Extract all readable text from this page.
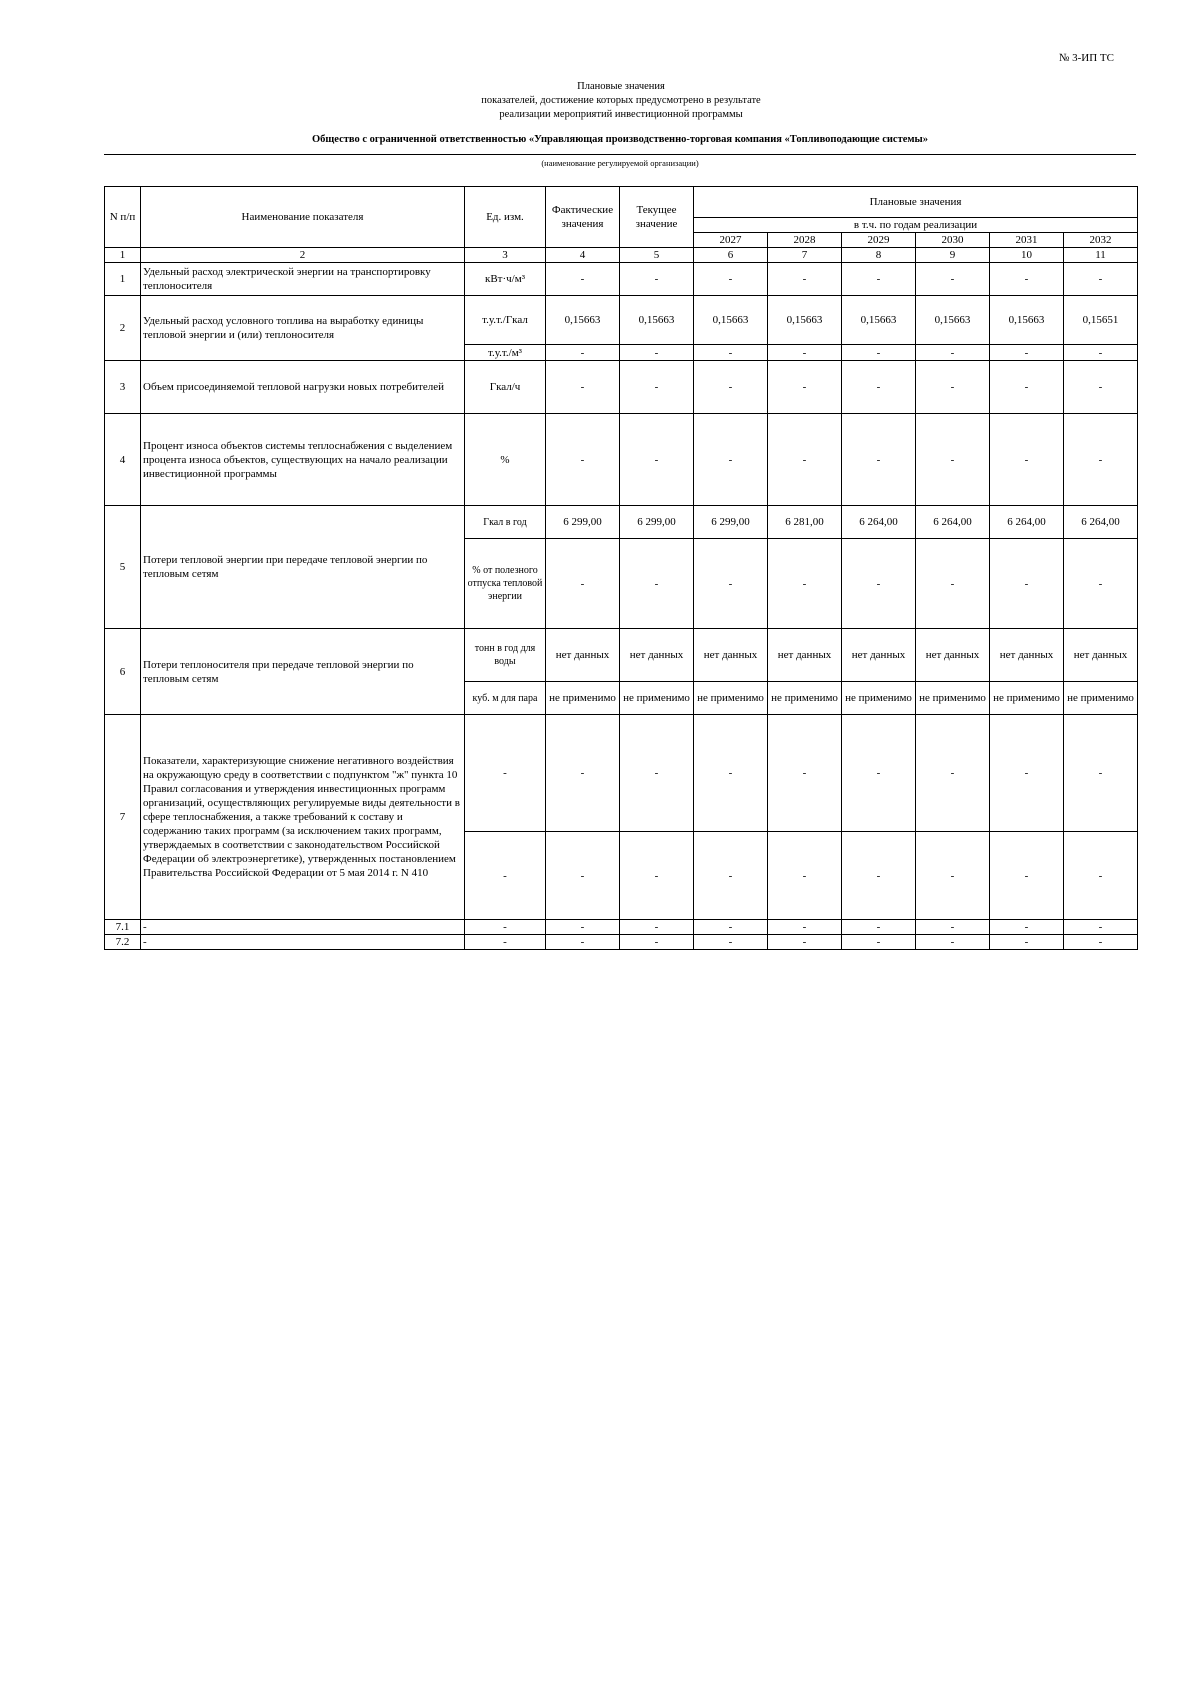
№ 3-ИП ТС
Плановые значения
показателей, достижение которых предусмотрено в результате
реализации мероприятий инвестиционной программы
Общество с ограниченной ответственностью «Управляющая производственно-торговая компания «Топливоподающие системы»
(наименование регулируемой организации)
N п/п	Наименование показателя	Ед. изм.	Фактические значения	Текущее значение	Плановые значения					
					в т.ч. по годам реализации					
					2027	2028	2029	2030	2031	2032
1	2	3	4	5	6	7	8	9	10	11
1	Удельный расход электрической энергии на транспортировку теплоносителя	кВт·ч/м³	-	-	-	-	-	-	-	-
2	Удельный расход условного топлива на выработку единицы тепловой энергии и (или) теплоносителя	т.у.т./Гкал	0,15663	0,15663	0,15663	0,15663	0,15663	0,15663	0,15663	0,15651
		т.у.т./м³	-	-	-	-	-	-	-	-
3	Объем присоединяемой тепловой нагрузки новых потребителей	Гкал/ч	-	-	-	-	-	-	-	-
4	Процент износа объектов системы теплоснабжения с выделением процента износа объектов, существующих на начало реализации инвестиционной программы	%	-	-	-	-	-	-	-	-
5	Потери тепловой энергии при передаче тепловой энергии по тепловым сетям	Гкал в год	6 299,00	6 299,00	6 299,00	6 281,00	6 264,00	6 264,00	6 264,00	6 264,00
		% от полезного отпуска тепловой энергии	-	-	-	-	-	-	-	-
6	Потери теплоносителя при передаче тепловой энергии по тепловым сетям	тонн в год для воды	нет данных	нет данных	нет данных	нет данных	нет данных	нет данных	нет данных	нет данных
		куб. м для пара	не применимо	не применимо	не применимо	не применимо	не применимо	не применимо	не применимо	не применимо
7	Показатели, характеризующие снижение негативного воздействия на окружающую среду в соответствии с подпунктом "ж" пункта 10 Правил согласования и утверждения инвестиционных программ организаций, осуществляющих регулируемые виды деятельности в сфере теплоснабжения, а также требований к составу и содержанию таких программ (за исключением таких программ, утверждаемых в соответствии с законодательством Российской Федерации об электроэнергетике), утвержденных постановлением Правительства Российской Федерации от 5 мая 2014 г. N 410	-	-	-	-	-	-	-	-	-
		-	-	-	-	-	-	-	-	-
7.1	-	-	-	-	-	-	-	-	-	-
7.2	-	-	-	-	-	-	-	-	-	-
